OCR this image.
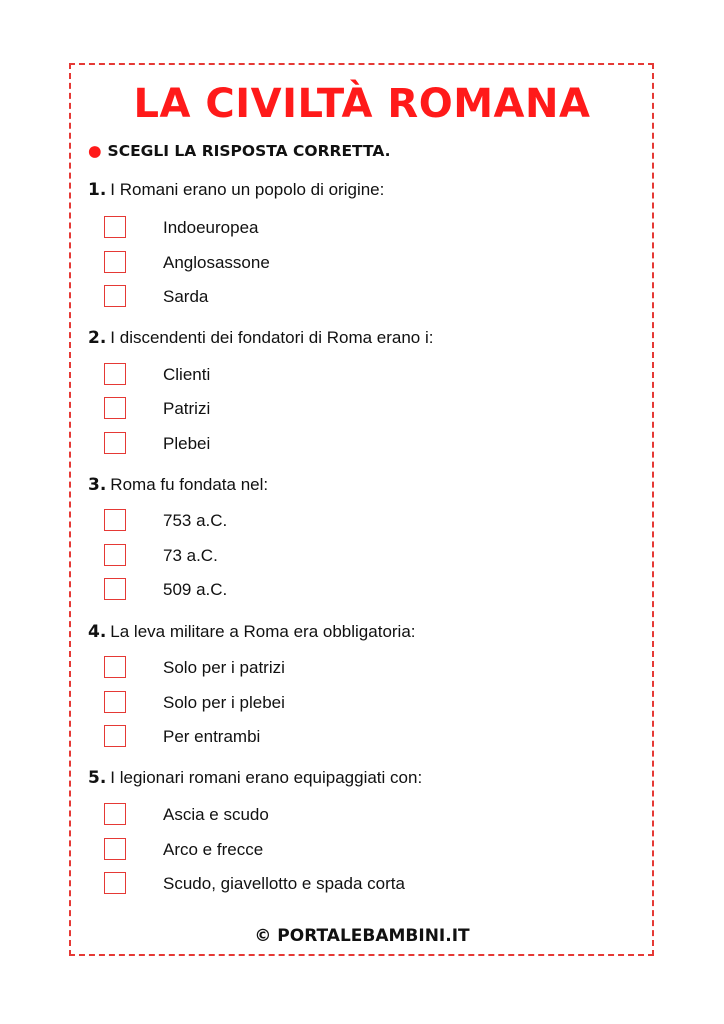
LA CIVILTÀ ROMANA
● SCEGLI LA RISPOSTA CORRETTA.
1. I Romani erano un popolo di origine:
Indoeuropea
Anglosassone
Sarda
2. I discendenti dei fondatori di Roma erano i:
Clienti
Patrizi
Plebei
3. Roma fu fondata nel:
753 a.C.
73 a.C.
509 a.C.
4. La leva militare a Roma era obbligatoria:
Solo per i patrizi
Solo per i plebei
Per entrambi
5. I legionari romani erano equipaggiati con:
Ascia e scudo
Arco e frecce
Scudo, giavellotto e spada corta
© PORTALEBAMBINI.IT
